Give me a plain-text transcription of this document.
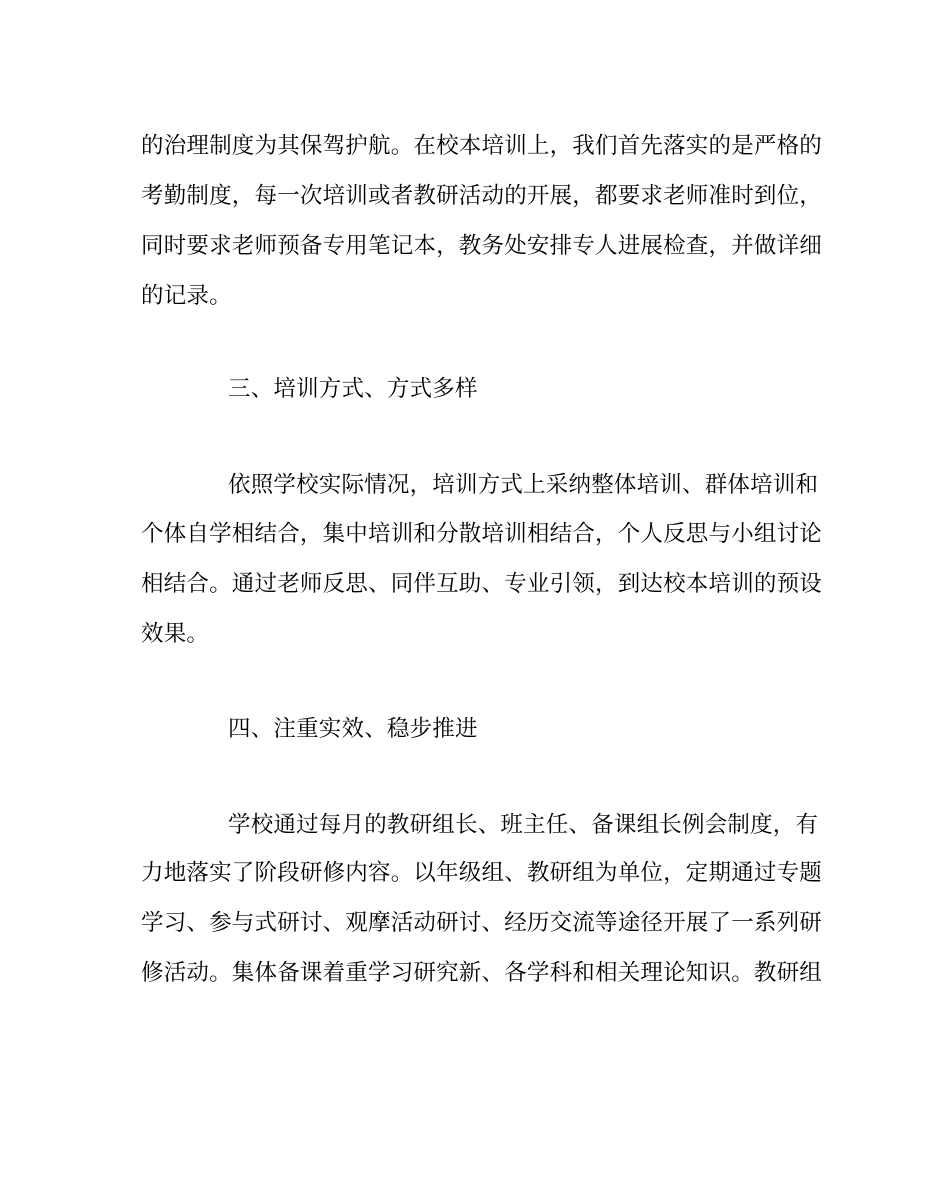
的治理制度为其保驾护航。在校本培训上，我们首先落实的是严格的
考勤制度，每一次培训或者教研活动的开展，都要求老师准时到位，
同时要求老师预备专用笔记本，教务处安排专人进展检查，并做详细
的记录。
三、培训方式、方式多样
依照学校实际情况，培训方式上采纳整体培训、群体培训和
个体自学相结合，集中培训和分散培训相结合，个人反思与小组讨论
相结合。通过老师反思、同伴互助、专业引领，到达校本培训的预设
效果。
四、注重实效、稳步推进
学校通过每月的教研组长、班主任、备课组长例会制度，有
力地落实了阶段研修内容。以年级组、教研组为单位，定期通过专题
学习、参与式研讨、观摩活动研讨、经历交流等途径开展了一系列研
修活动。集体备课着重学习研究新、各学科和相关理论知识。教研组
